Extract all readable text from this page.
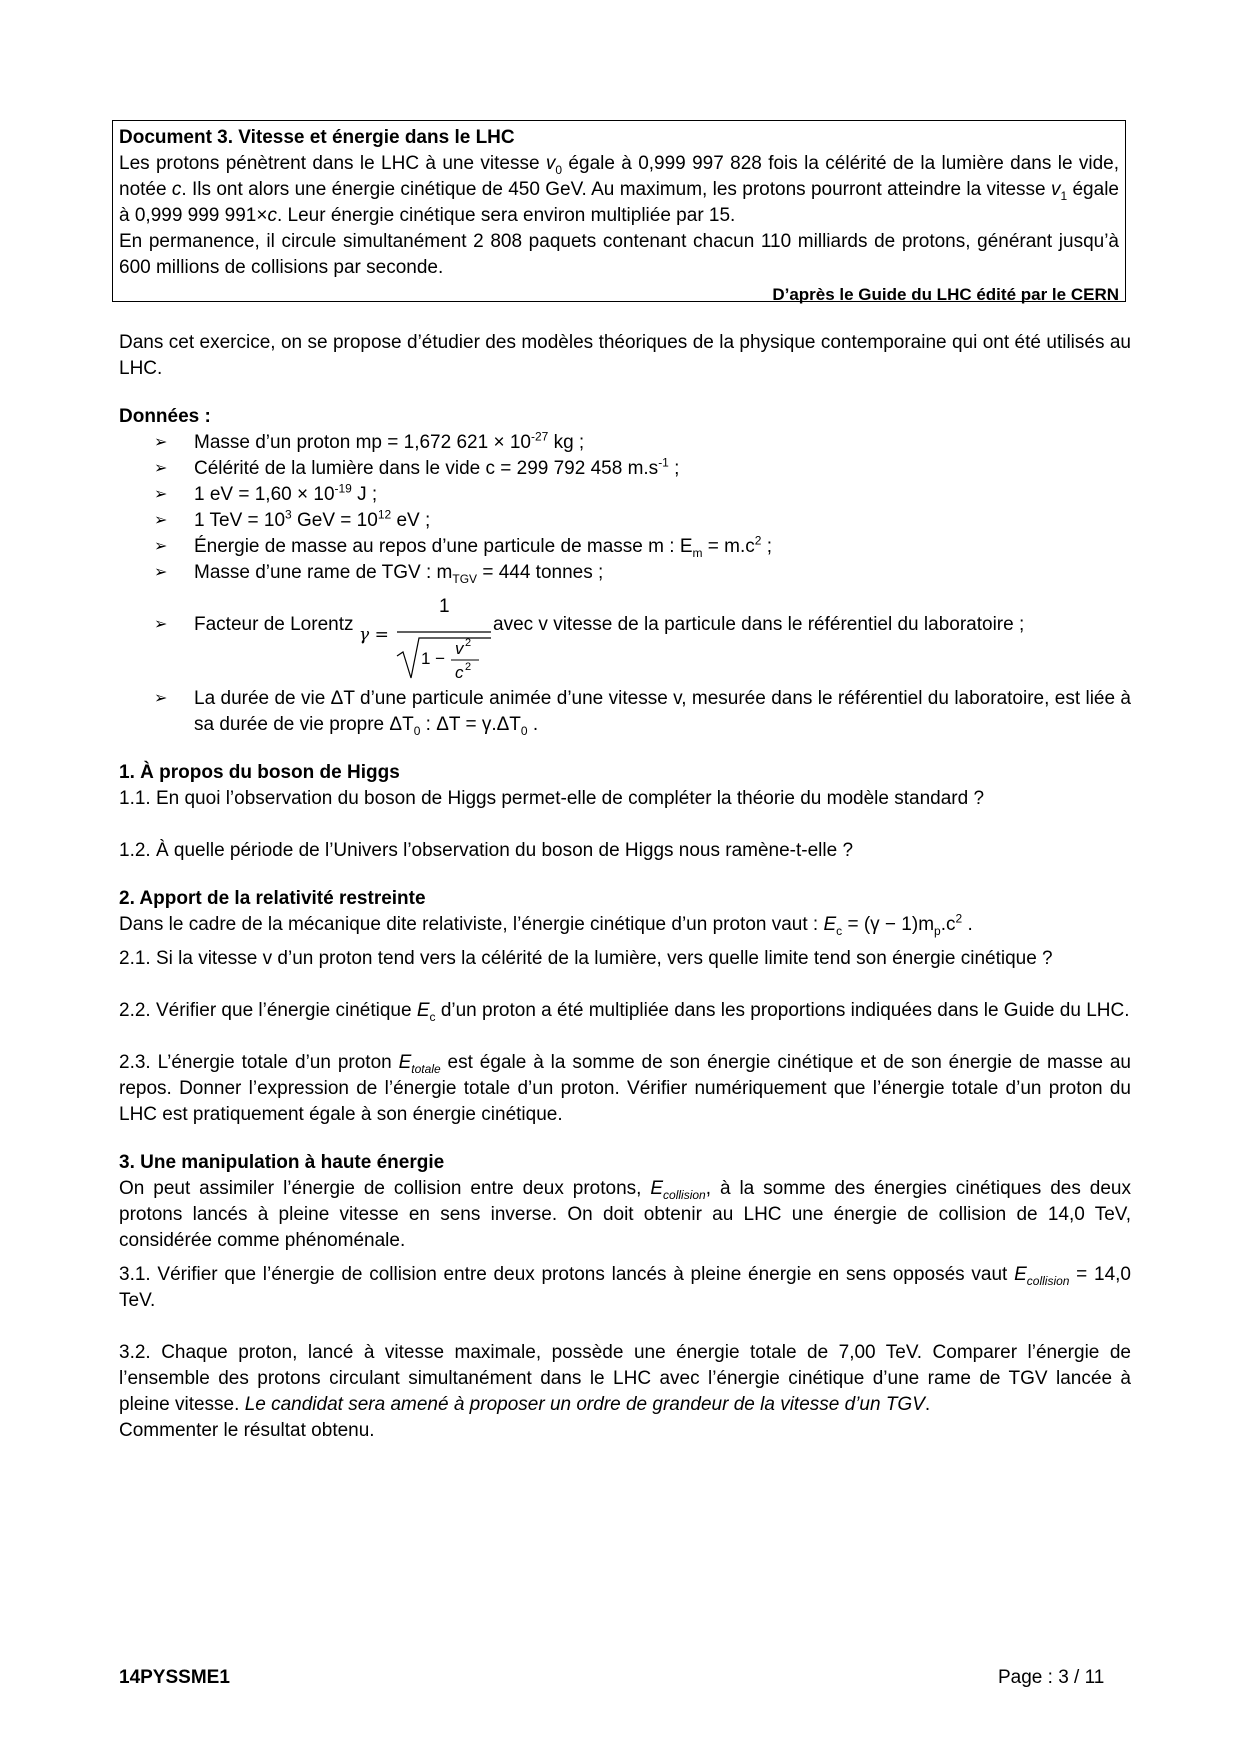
Document 3. Vitesse et énergie dans le LHC

Les protons pénètrent dans le LHC à une vitesse $v_0$ égale à 0,999 997 828 fois la célérité de la lumière dans le vide, notée c. Ils ont alors une énergie cinétique de 450 GeV. Au maximum, les protons pourront atteindre la vitesse $v_1$ égale à 0,999 999 991×c. Leur énergie cinétique sera environ multipliée par 15.

En permanence, il circule simultanément 2 808 paquets contenant chacun 110 milliards de protons, générant jusqu’à 600 millions de collisions par seconde.

D’après le Guide du LHC édité par le CERN

Dans cet exercice, on se propose d’étudier des modèles théoriques de la physique contemporaine qui ont été utilisés au LHC.

Données :

➢ Masse d’un proton mp = 1,672 $621 \times 10^{-27}$ kg ;
➢ Célérité de la lumière dans le vide c = 299 792 458 $m.s^{-1}$ ;
➢ 1 eV = $1,60 \times 10^{-19}$ J ;
➢ 1 TeV = $10^3$ GeV = $10^{12}$ eV ;
➢ Énergie de masse au repos d’une particule de masse m : $E_m = m.c^2$ ;
➢ Masse d’une rame de TGV : $m_{TGV} = 444$ tonnes ;
➢ Facteur de Lorentz γ =
1
1 −
v 2
c 2
avec v vitesse de la particule dans le référentiel du laboratoire ;
➢ La durée de vie ΔT d’une particule animée d’une vitesse v, mesurée dans le référentiel du laboratoire, est liée à sa durée de vie propre $\Delta T_0$ : $\Delta T = \gamma.\Delta T_0$ .

1. À propos du boson de Higgs

1.1. En quoi l’observation du boson de Higgs permet-elle de compléter la théorie du modèle standard ?

1.2. À quelle période de l’Univers l’observation du boson de Higgs nous ramène-t-elle ?

2. Apport de la relativité restreinte

Dans le cadre de la mécanique dite relativiste, l’énergie cinétique d’un proton vaut : $E_c = (\gamma - 1)m_p.c^2$ .

2.1. Si la vitesse v d’un proton tend vers la célérité de la lumière, vers quelle limite tend son énergie cinétique ?

2.2. Vérifier que l’énergie cinétique $E_c$ d’un proton a été multipliée dans les proportions indiquées dans le Guide du LHC.

2.3. L’énergie totale d’un proton $E_{totale}$ est égale à la somme de son énergie cinétique et de son énergie de masse au repos. Donner l’expression de l’énergie totale d’un proton. Vérifier numériquement que l’énergie totale d’un proton du LHC est pratiquement égale à son énergie cinétique.

3. Une manipulation à haute énergie

On peut assimiler l’énergie de collision entre deux protons, $E_{collision}$, à la somme des énergies cinétiques des deux protons lancés à pleine vitesse en sens inverse. On doit obtenir au LHC une énergie de collision de 14,0 TeV, considérée comme phénoménale.

3.1. Vérifier que l’énergie de collision entre deux protons lancés à pleine énergie en sens opposés vaut $E_{collision} = 14,0$ TeV.

3.2. Chaque proton, lancé à vitesse maximale, possède une énergie totale de 7,00 TeV. Comparer l’énergie de l’ensemble des protons circulant simultanément dans le LHC avec l’énergie cinétique d’une rame de TGV lancée à pleine vitesse. Le candidat sera amené à proposer un ordre de grandeur de la vitesse d’un TGV.

Commenter le résultat obtenu.

14PYSSME1	Page : 3 / 11
